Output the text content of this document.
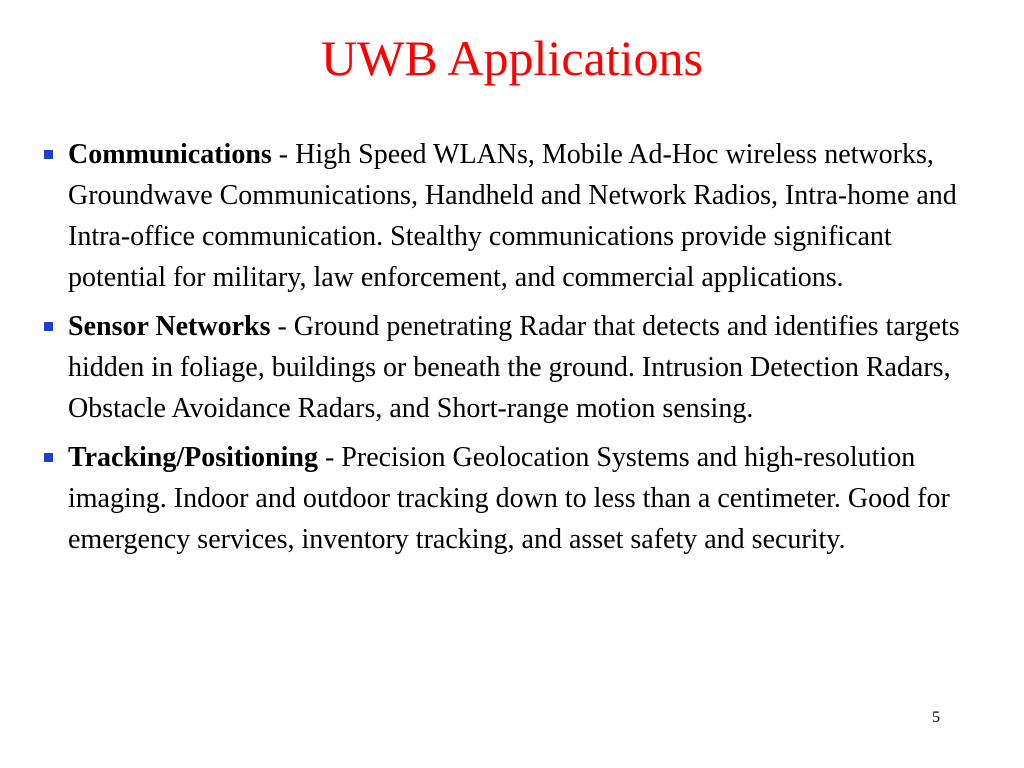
UWB Applications
Communications - High Speed WLANs, Mobile Ad-Hoc wireless networks, Groundwave Communications, Handheld and Network Radios, Intra-home and Intra-office communication. Stealthy communications provide significant potential for military, law enforcement, and commercial applications.
Sensor Networks - Ground penetrating Radar that detects and identifies targets hidden in foliage, buildings or beneath the ground. Intrusion Detection Radars, Obstacle Avoidance Radars, and Short-range motion sensing.
Tracking/Positioning - Precision Geolocation Systems and high-resolution imaging. Indoor and outdoor tracking down to less than a centimeter. Good for emergency services, inventory tracking, and asset safety and security.
5
